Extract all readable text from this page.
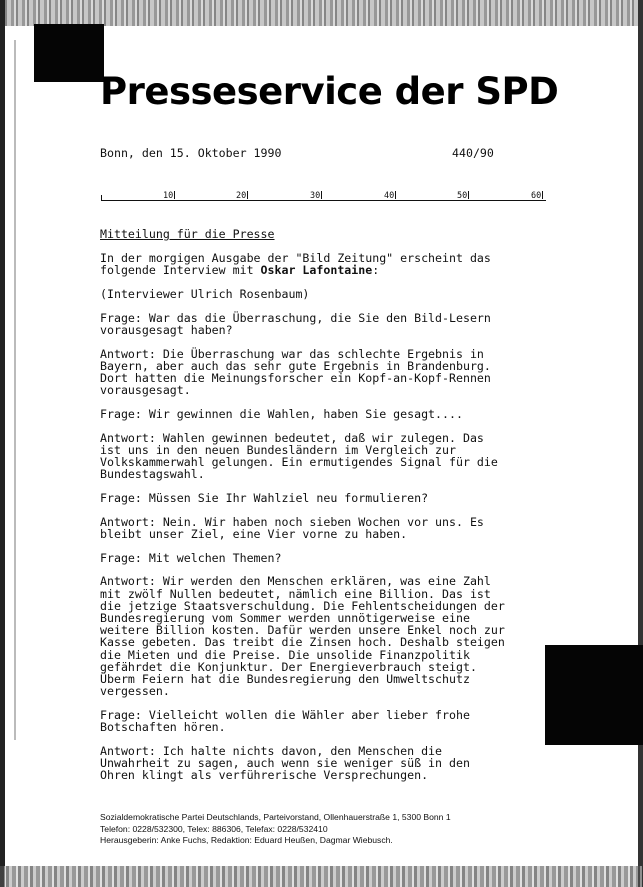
Presseservice der SPD
Bonn, den 15. Oktober 1990	440/90
10	20	30	40	50	60
Mitteilung für die Presse
In der morgigen Ausgabe der "Bild Zeitung" erscheint das
folgende Interview mit Oskar Lafontaine:
(Interviewer Ulrich Rosenbaum)
Frage: War das die Überraschung, die Sie den Bild-Lesern
vorausgesagt haben?
Antwort: Die Überraschung war das schlechte Ergebnis in
Bayern, aber auch das sehr gute Ergebnis in Brandenburg.
Dort hatten die Meinungsforscher ein Kopf-an-Kopf-Rennen
vorausgesagt.
Frage: Wir gewinnen die Wahlen, haben Sie gesagt....
Antwort: Wahlen gewinnen bedeutet, daß wir zulegen. Das
ist uns in den neuen Bundesländern im Vergleich zur
Volkskammerwahl gelungen. Ein ermutigendes Signal für die
Bundestagswahl.
Frage: Müssen Sie Ihr Wahlziel neu formulieren?
Antwort: Nein. Wir haben noch sieben Wochen vor uns. Es
bleibt unser Ziel, eine Vier vorne zu haben.
Frage: Mit welchen Themen?
Antwort: Wir werden den Menschen erklären, was eine Zahl
mit zwölf Nullen bedeutet, nämlich eine Billion. Das ist
die jetzige Staatsverschuldung. Die Fehlentscheidungen der
Bundesregierung vom Sommer werden unnötigerweise eine
weitere Billion kosten. Dafür werden unsere Enkel noch zur
Kasse gebeten. Das treibt die Zinsen hoch. Deshalb steigen
die Mieten und die Preise. Die unsolide Finanzpolitik
gefährdet die Konjunktur. Der Energieverbrauch steigt.
Überm Feiern hat die Bundesregierung den Umweltschutz
vergessen.
Frage: Vielleicht wollen die Wähler aber lieber frohe
Botschaften hören.
Antwort: Ich halte nichts davon, den Menschen die
Unwahrheit zu sagen, auch wenn sie weniger süß in den
Ohren klingt als verführerische Versprechungen.
Sozialdemokratische Partei Deutschlands, Parteivorstand, Ollenhauerstraße 1, 5300 Bonn 1
Telefon: 0228/532300, Telex: 886306, Telefax: 0228/532410
Herausgeberin: Anke Fuchs, Redaktion: Eduard Heußen, Dagmar Wiebusch.
